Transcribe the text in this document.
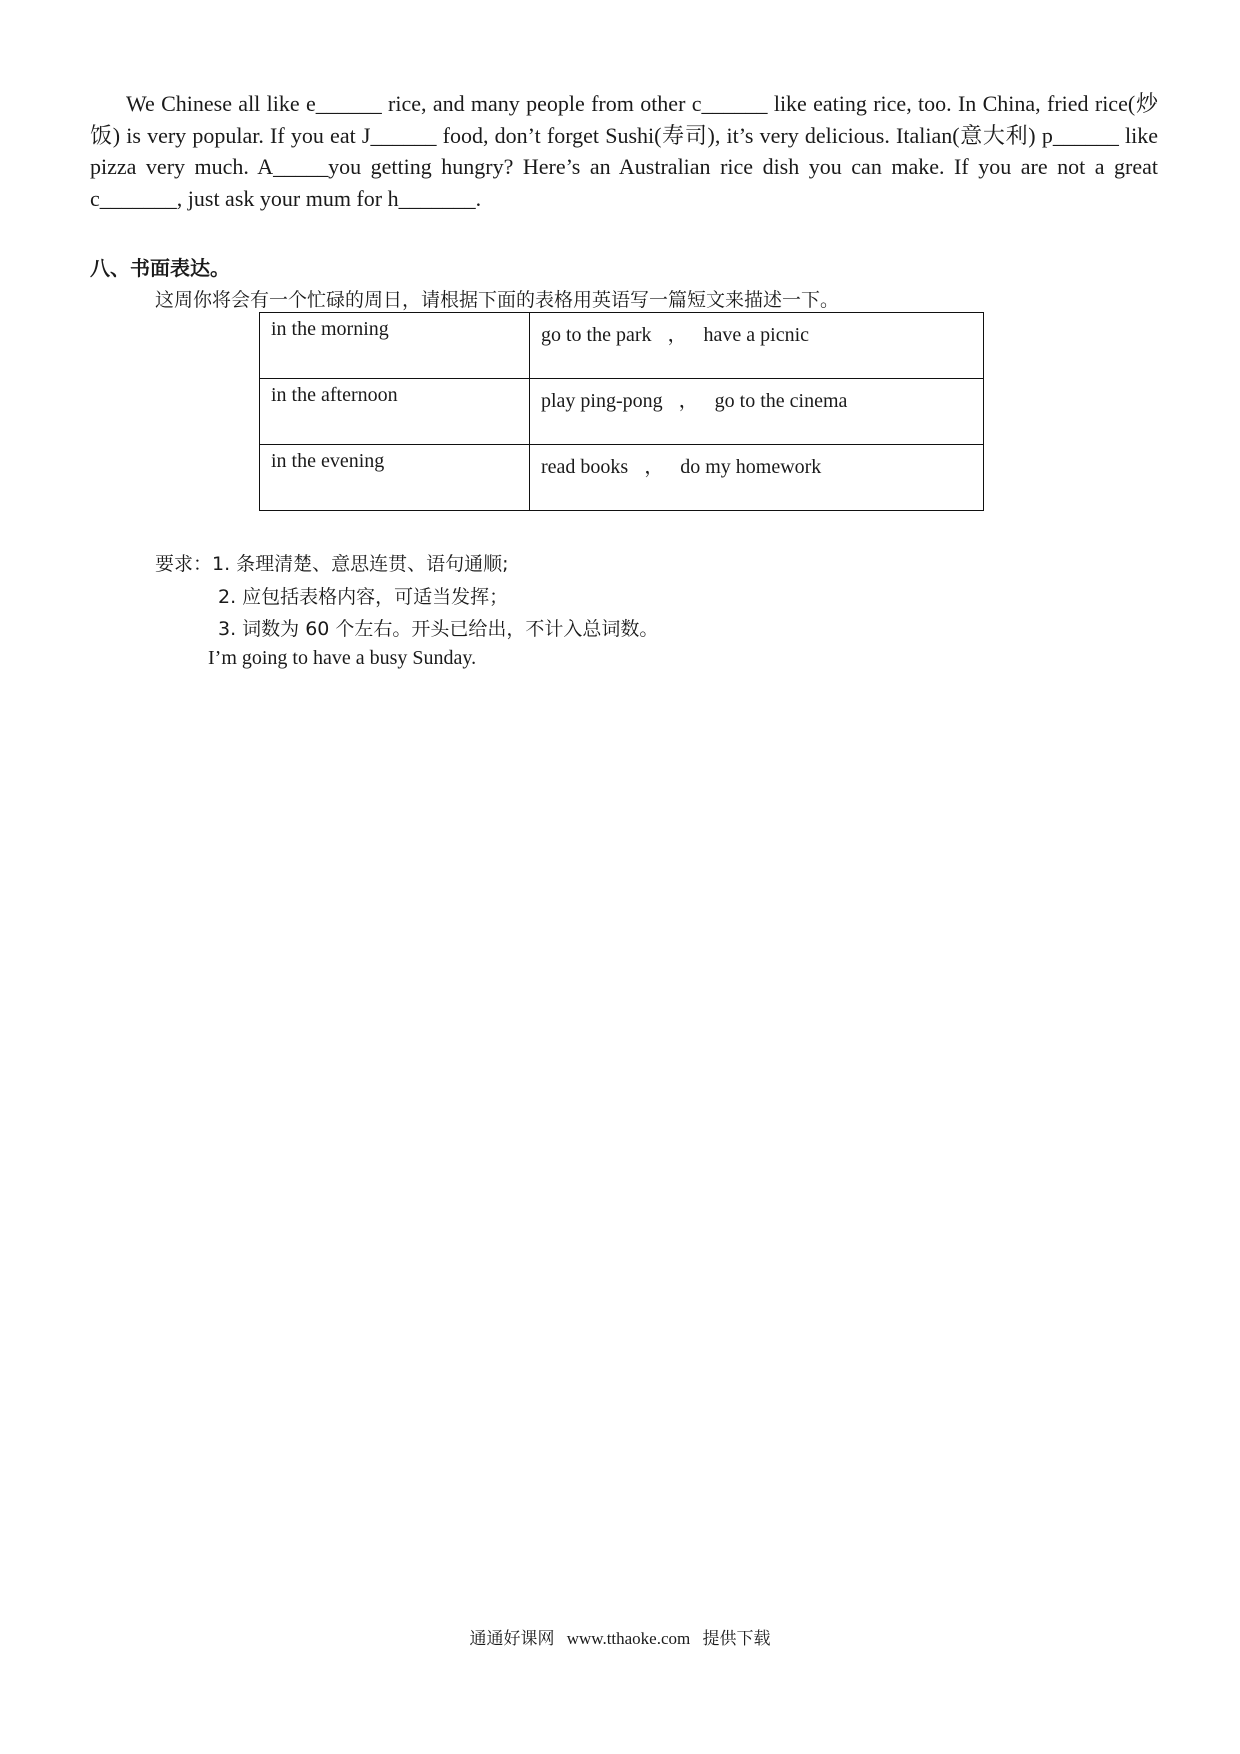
We Chinese all like e______ rice, and many people from other c______ like eating rice, too. In China, fried rice(炒饭) is very popular. If you eat J______ food, don’t forget Sushi(寿司), it’s very delicious. Italian(意大利) p______ like pizza very much. A_____you getting hungry? Here’s an Australian rice dish you can make. If you are not a great c_______, just ask your mum for h_______.

八、书面表达。
这周你将会有一个忙碌的周日，请根据下面的表格用英语写一篇短文来描述一下。
in the morning	go to the park ， have a picnic
in the afternoon	play ping-pong ， go to the cinema
in the evening	read books ， do my homework
要求：1. 条理清楚、意思连贯、语句通顺;
2. 应包括表格内容，可适当发挥；
3. 词数为 60 个左右。开头已给出，不计入总词数。
I’m going to have a busy Sunday.
通通好课网 www.tthaoke.com 提供下载
